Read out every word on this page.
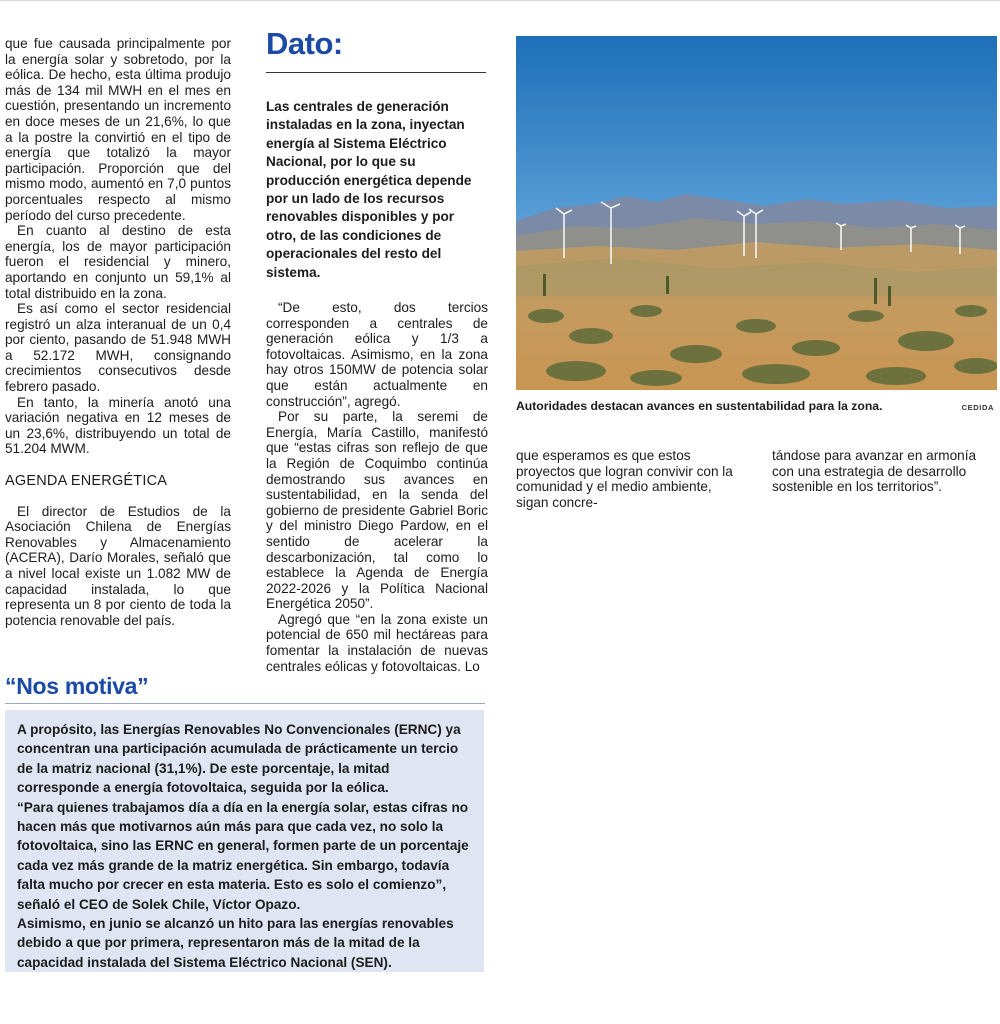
que fue causada principalmente por la energía solar y sobretodo, por la eólica. De hecho, esta última produjo más de 134 mil MWH en el mes en cuestión, presentando un incremento en doce meses de un 21,6%, lo que a la postre la convirtió en el tipo de energía que totalizó la mayor participación. Proporción que del mismo modo, aumentó en 7,0 puntos porcentuales respecto al mismo período del curso precedente.

En cuanto al destino de esta energía, los de mayor participación fueron el residencial y minero, aportando en conjunto un 59,1% al total distribuido en la zona.

Es así como el sector residencial registró un alza interanual de un 0,4 por ciento, pasando de 51.948 MWH a 52.172 MWH, consignando crecimientos consecutivos desde febrero pasado.

En tanto, la minería anotó una variación negativa en 12 meses de un 23,6%, distribuyendo un total de 51.204 MWM.

AGENDA ENERGÉTICA

El director de Estudios de la Asociación Chilena de Energías Renovables y Almacenamiento (ACERA), Darío Morales, señaló que a nivel local existe un 1.082 MW de capacidad instalada, lo que representa un 8 por ciento de toda la potencia renovable del país.

Dato:
Las centrales de generación instaladas en la zona, inyectan energía al Sistema Eléctrico Nacional, por lo que su producción energética depende por un lado de los recursos renovables disponibles y por otro, de las condiciones de operacionales del resto del sistema.

“De esto, dos tercios corresponden a centrales de generación eólica y 1/3 a fotovoltaicas. Asimismo, en la zona hay otros 150MW de potencia solar que están actualmente en construcción”, agregó.

Por su parte, la seremi de Energía, María Castillo, manifestó que “estas cifras son reflejo de que la Región de Coquimbo continúa demostrando sus avances en sustentabilidad, en la senda del gobierno de presidente Gabriel Boric y del ministro Diego Pardow, en el sentido de acelerar la descarbonización, tal como lo establece la Agenda de Energía 2022-2026 y la Política Nacional Energética 2050”.

Agregó que “en la zona existe un potencial de 650 mil hectáreas para fomentar la instalación de nuevas centrales eólicas y fotovoltaicas. Lo

Autoridades destacan avances en sustentabilidad para la zona.	CEDIDA

que esperamos es que estos proyectos que logran convivir con la comunidad y el medio ambiente, sigan concre-

tándose para avanzar en armonía con una estrategia de desarrollo sostenible en los territorios”.

“Nos motiva”

A propósito, las Energías Renovables No Convencionales (ERNC) ya concentran una participación acumulada de prácticamente un tercio de la matriz nacional (31,1%). De este porcentaje, la mitad corresponde a energía fotovoltaica, seguida por la eólica.

“Para quienes trabajamos día a día en la energía solar, estas cifras no hacen más que motivarnos aún más para que cada vez, no solo la fotovoltaica, sino las ERNC en general, formen parte de un porcentaje cada vez más grande de la matriz energética. Sin embargo, todavía falta mucho por crecer en esta materia. Esto es solo el comienzo”, señaló el CEO de Solek Chile, Víctor Opazo.

Asimismo, en junio se alcanzó un hito para las energías renovables debido a que por primera, representaron más de la mitad de la capacidad instalada del Sistema Eléctrico Nacional (SEN).
